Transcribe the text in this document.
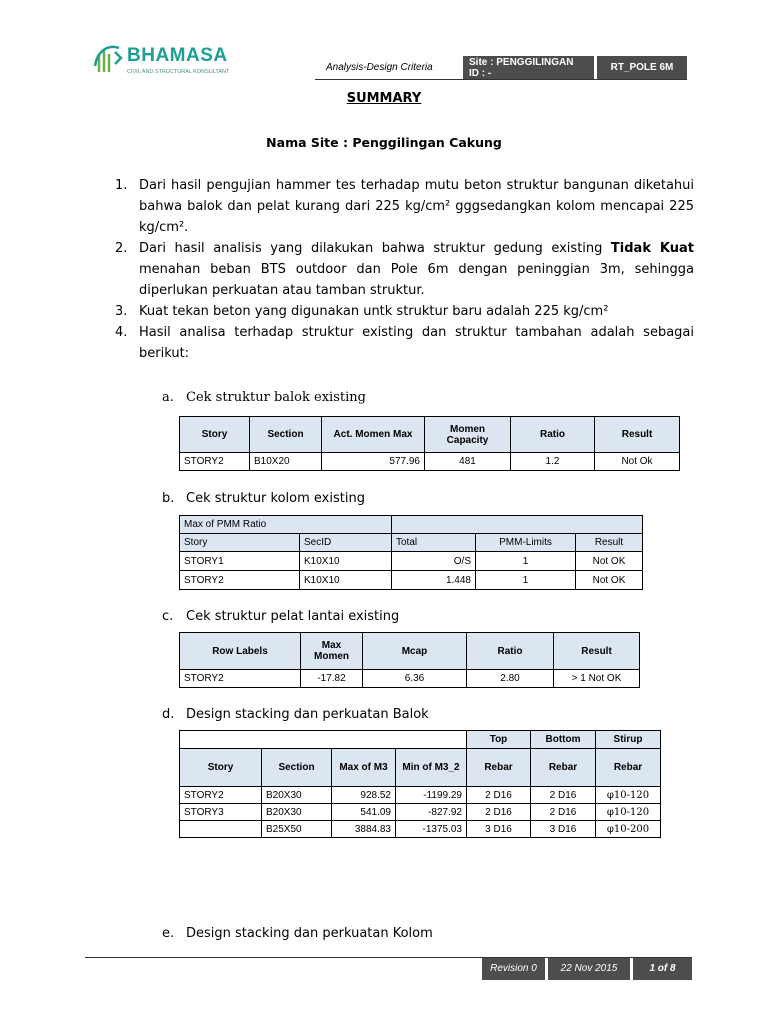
BHAMASA
CIVIL AND STRUCTURAL KONSULTANT	Analysis-Design Criteria	Site : PENGGILINGAN
ID : -
RT_POLE 6M
SUMMARY
Nama Site : Penggilingan Cakung
1. Dari hasil pengujian hammer tes terhadap mutu beton struktur bangunan diketahui bahwa balok dan pelat kurang dari 225 kg/cm² gggsedangkan kolom mencapai 225 kg/cm².
2. Dari hasil analisis yang dilakukan bahwa struktur gedung existing Tidak Kuat menahan beban BTS outdoor dan Pole 6m dengan peninggian 3m, sehingga diperlukan perkuatan atau tamban struktur.
3. Kuat tekan beton yang digunakan untk struktur baru adalah 225 kg/cm²
4. Hasil analisa terhadap struktur existing dan struktur tambahan adalah sebagai berikut:
a. Cek struktur balok existing
Story	Section	Act. Momen Max	Momen Capacity	Ratio	Result
STORY2	B10X20	577.96	481	1.2	Not Ok
b. Cek struktur kolom existing
Max of PMM Ratio				
Story	SecID	Total	PMM-Limits	Result
STORY1	K10X10	O/S	1	Not OK
STORY2	K10X10	1.448	1	Not OK
c. Cek struktur pelat lantai existing
Row Labels	Max Momen	Mcap	Ratio	Result
STORY2	-17.82	6.36	2.80	> 1 Not OK
d. Design stacking dan perkuatan Balok
				Top	Bottom	Stirup
Story	Section	Max of M3	Min of M3_2	Rebar	Rebar	Rebar
STORY2	B20X30	928.52	-1199.29	2 D16	2 D16	φ10-120
STORY3	B20X30	541.09	-827.92	2 D16	2 D16	φ10-120
	B25X50	3884.83	-1375.03	3 D16	3 D16	φ10-200
e. Design stacking dan perkuatan Kolom
Revision 0	22 Nov 2015	1 of 8
